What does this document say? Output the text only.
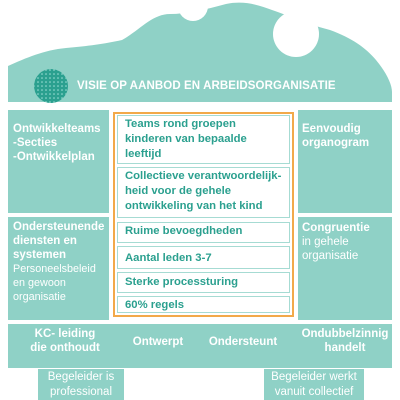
VISIE OP AANBOD EN ARBEIDSORGANISATIE
Ontwikkelteams
-Secties
-Ontwikkelplan
Ondersteunende
diensten en
systemen
Personeelsbeleid
en gewoon
organisatie
Eenvoudig
organogram
Congruentie
in gehele
organisatie
Teams rond groepen
kinderen van bepaalde
leeftijd
Collectieve verantwoordelijk-
heid voor de gehele
ontwikkeling van het kind
Ruime bevoegdheden
Aantal leden 3-7
Sterke processturing
60% regels
KC- leiding
die onthoudt	Ontwerpt	Ondersteunt
Ondubbelzinnig
handelt
Begeleider is
professional
Begeleider werkt
vanuit collectief
